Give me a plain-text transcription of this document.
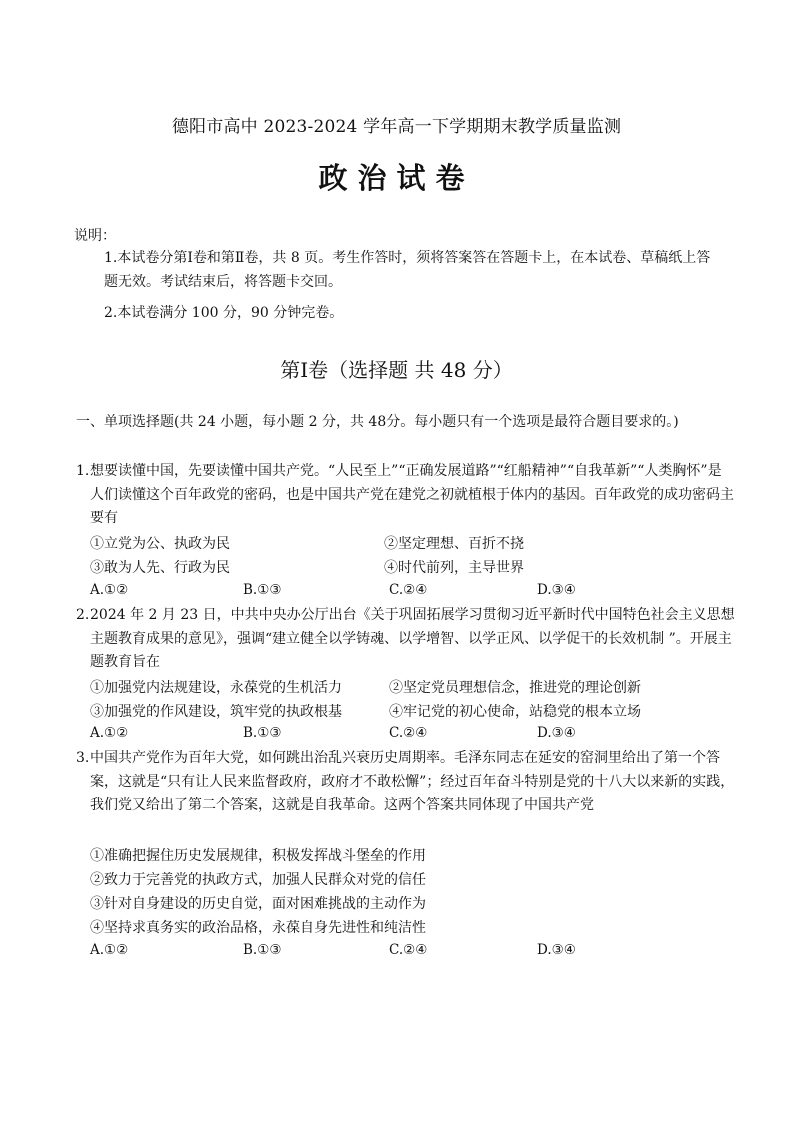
德阳市高中 2023-2024 学年高一下学期期末教学质量监测
政治试卷
说明：
1.本试卷分第Ⅰ卷和第Ⅱ卷，共 8 页。考生作答时，须将答案答在答题卡上，在本试卷、草稿纸上答题无效。考试结束后，将答题卡交回。
2.本试卷满分 100 分，90 分钟完卷。
第Ⅰ卷（选择题 共 48 分）
一、单项选择题(共 24 小题，每小题 2 分，共 48分。每小题只有一个选项是最符合题目要求的。)
1. 想要读懂中国，先要读懂中国共产党。“人民至上”“正确发展道路”“红船精神”“自我革新”“人类胸怀”是人们读懂这个百年政党的密码，也是中国共产党在建党之初就植根于体内的基因。百年政党的成功密码主要有
①立党为公、执政为民	②坚定理想、百折不挠
③敢为人先、行政为民	④时代前列，主导世界
A.①②	B.①③	C.②④	D.③④
2. 2024 年 2 月 23 日，中共中央办公厅出台《关于巩固拓展学习贯彻习近平新时代中国特色社会主义思想主题教育成果的意见》，强调“建立健全以学铸魂、以学增智、以学正风、以学促干的长效机制 ”。开展主题教育旨在
①加强党内法规建设，永葆党的生机活力	②坚定党员理想信念，推进党的理论创新
③加强党的作风建设，筑牢党的执政根基	④牢记党的初心使命，站稳党的根本立场
A.①②	B.①③	C.②④	D.③④
3. 中国共产党作为百年大党，如何跳出治乱兴衰历史周期率。毛泽东同志在延安的窑洞里给出了第一个答案，这就是“只有让人民来监督政府，政府才不敢松懈”；经过百年奋斗特别是党的十八大以来新的实践，我们党又给出了第二个答案，这就是自我革命。这两个答案共同体现了中国共产党
①准确把握住历史发展规律，积极发挥战斗堡垒的作用
②致力于完善党的执政方式，加强人民群众对党的信任
③针对自身建设的历史自觉，面对困难挑战的主动作为
④坚持求真务实的政治品格，永葆自身先进性和纯洁性
A.①②	B.①③	C.②④	D.③④
